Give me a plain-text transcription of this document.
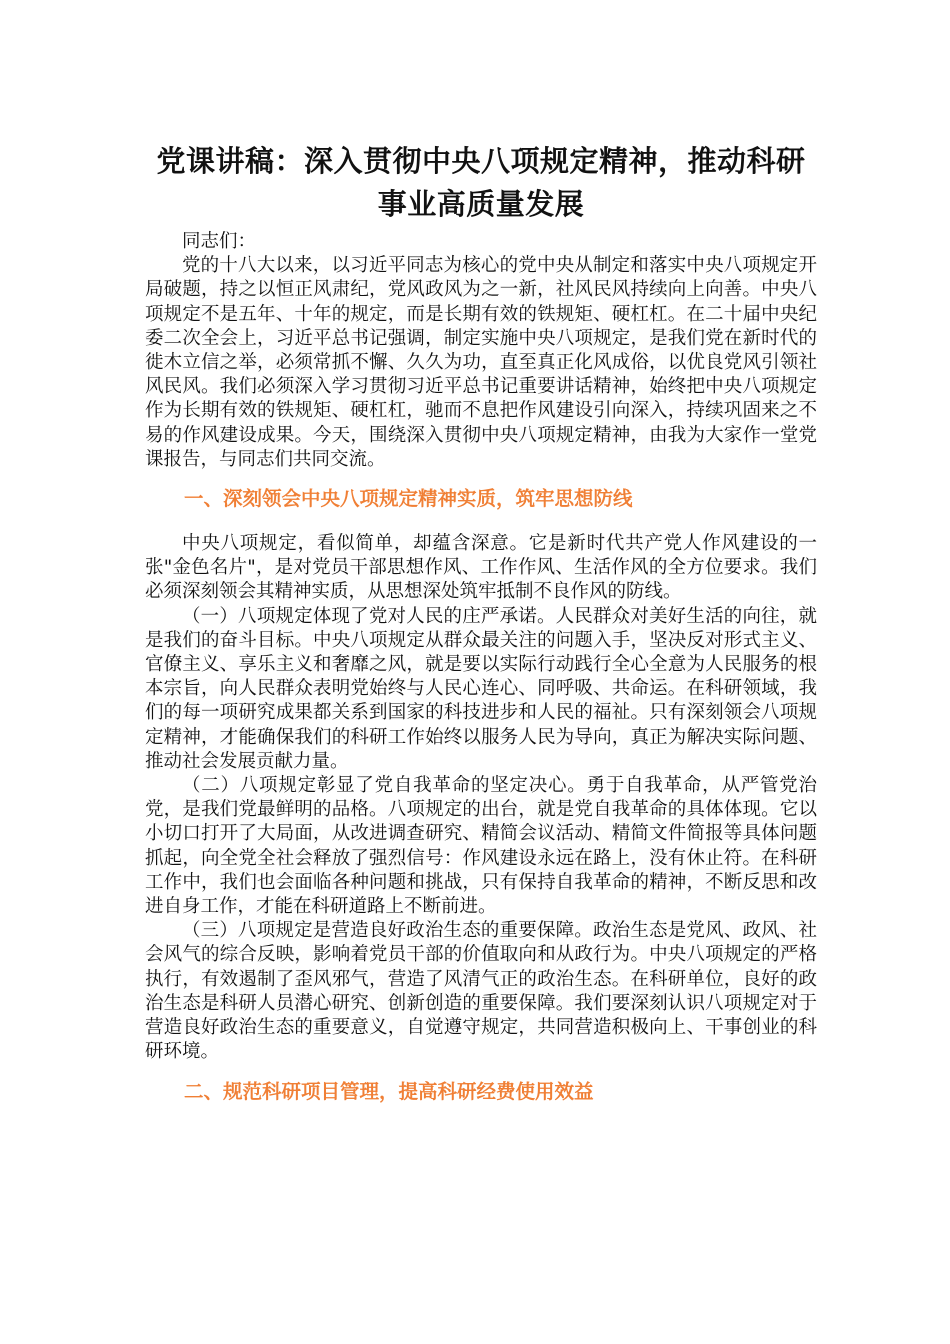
党课讲稿：深入贯彻中央八项规定精神，推动科研
事业高质量发展

同志们：

党的十八大以来，以习近平同志为核心的党中央从制定和落实中央八项规定开局破题，持之以恒正风肃纪，党风政风为之一新，社风民风持续向上向善。中央八项规定不是五年、十年的规定，而是长期有效的铁规矩、硬杠杠。在二十届中央纪委二次全会上，习近平总书记强调，制定实施中央八项规定，是我们党在新时代的徙木立信之举，必须常抓不懈、久久为功，直至真正化风成俗，以优良党风引领社风民风。我们必须深入学习贯彻习近平总书记重要讲话精神，始终把中央八项规定作为长期有效的铁规矩、硬杠杠，驰而不息把作风建设引向深入，持续巩固来之不易的作风建设成果。今天，围绕深入贯彻中央八项规定精神，由我为大家作一堂党课报告，与同志们共同交流。

一、深刻领会中央八项规定精神实质，筑牢思想防线

中央八项规定，看似简单，却蕴含深意。它是新时代共产党人作风建设的一张"金色名片"，是对党员干部思想作风、工作作风、生活作风的全方位要求。我们必须深刻领会其精神实质，从思想深处筑牢抵制不良作风的防线。

（一）八项规定体现了党对人民的庄严承诺。人民群众对美好生活的向往，就是我们的奋斗目标。中央八项规定从群众最关注的问题入手，坚决反对形式主义、官僚主义、享乐主义和奢靡之风，就是要以实际行动践行全心全意为人民服务的根本宗旨，向人民群众表明党始终与人民心连心、同呼吸、共命运。在科研领域，我们的每一项研究成果都关系到国家的科技进步和人民的福祉。只有深刻领会八项规定精神，才能确保我们的科研工作始终以服务人民为导向，真正为解决实际问题、推动社会发展贡献力量。

（二）八项规定彰显了党自我革命的坚定决心。勇于自我革命，从严管党治党，是我们党最鲜明的品格。八项规定的出台，就是党自我革命的具体体现。它以小切口打开了大局面，从改进调查研究、精简会议活动、精简文件简报等具体问题抓起，向全党全社会释放了强烈信号：作风建设永远在路上，没有休止符。在科研工作中，我们也会面临各种问题和挑战，只有保持自我革命的精神，不断反思和改进自身工作，才能在科研道路上不断前进。

（三）八项规定是营造良好政治生态的重要保障。政治生态是党风、政风、社会风气的综合反映，影响着党员干部的价值取向和从政行为。中央八项规定的严格执行，有效遏制了歪风邪气，营造了风清气正的政治生态。在科研单位，良好的政治生态是科研人员潜心研究、创新创造的重要保障。我们要深刻认识八项规定对于营造良好政治生态的重要意义，自觉遵守规定，共同营造积极向上、干事创业的科研环境。

二、规范科研项目管理，提高科研经费使用效益
